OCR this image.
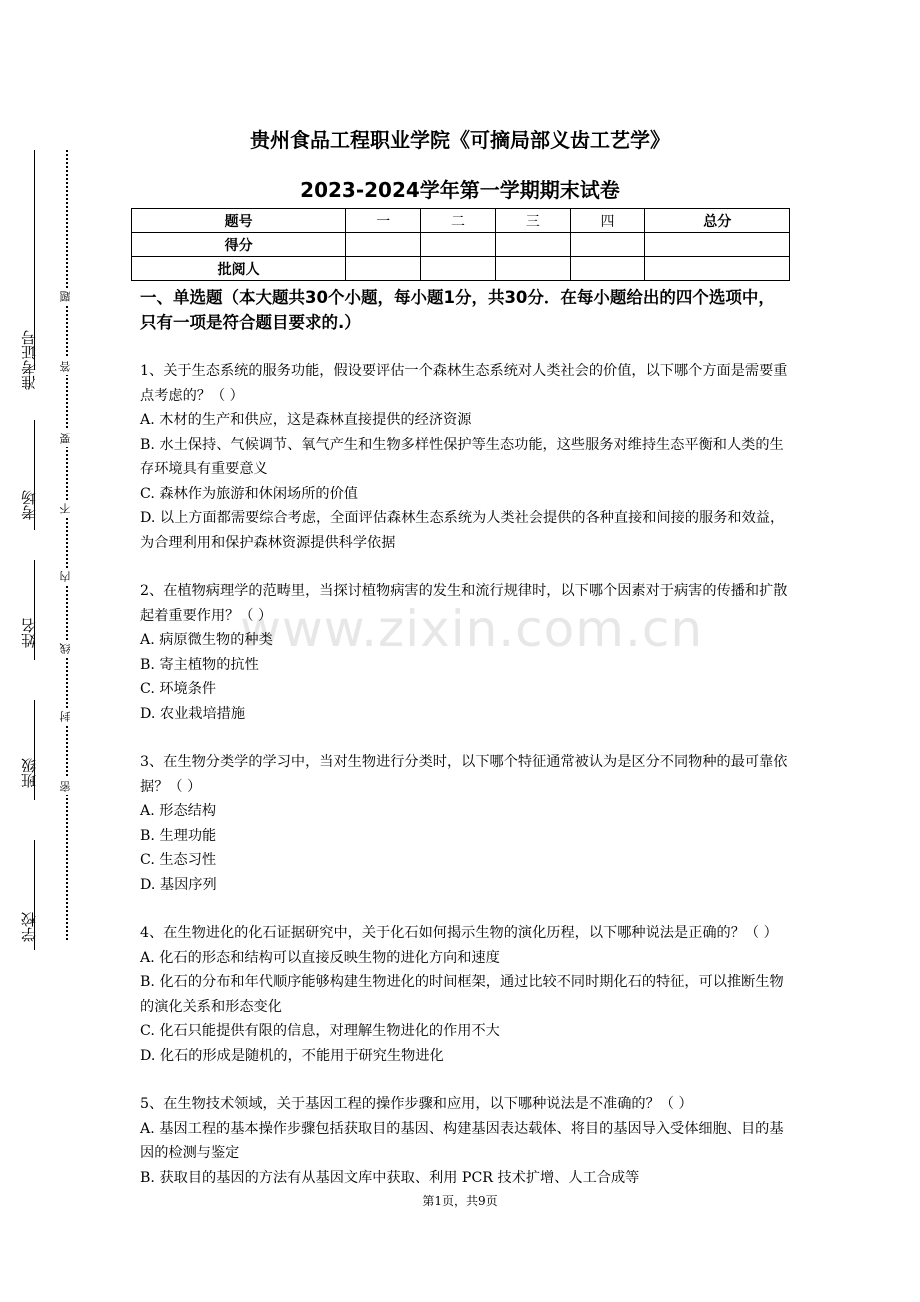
准考证号
考场
姓名
班级
学校
题
答
要
不
内
线
封
密
贵州食品工程职业学院《可摘局部义齿工艺学》
2023-2024学年第一学期期末试卷
题号	一	二	三	四	总分
得分					
批阅人					
www.zixin.com.cn
一、单选题（本大题共30个小题，每小题1分，共30分．在每小题给出的四个选项中，只有一项是符合题目要求的.）

1、关于生态系统的服务功能，假设要评估一个森林生态系统对人类社会的价值，以下哪个方面是需要重点考虑的？（ ）

A. 木材的生产和供应，这是森林直接提供的经济资源

B. 水土保持、气候调节、氧气产生和生物多样性保护等生态功能，这些服务对维持生态平衡和人类的生存环境具有重要意义

C. 森林作为旅游和休闲场所的价值

D. 以上方面都需要综合考虑，全面评估森林生态系统为人类社会提供的各种直接和间接的服务和效益，为合理利用和保护森林资源提供科学依据

2、在植物病理学的范畴里，当探讨植物病害的发生和流行规律时，以下哪个因素对于病害的传播和扩散起着重要作用？（ ）

A. 病原微生物的种类

B. 寄主植物的抗性

C. 环境条件

D. 农业栽培措施

3、在生物分类学的学习中，当对生物进行分类时，以下哪个特征通常被认为是区分不同物种的最可靠依据？（ ）

A. 形态结构

B. 生理功能

C. 生态习性

D. 基因序列

4、在生物进化的化石证据研究中，关于化石如何揭示生物的演化历程，以下哪种说法是正确的？（ ）

A. 化石的形态和结构可以直接反映生物的进化方向和速度

B. 化石的分布和年代顺序能够构建生物进化的时间框架，通过比较不同时期化石的特征，可以推断生物的演化关系和形态变化

C. 化石只能提供有限的信息，对理解生物进化的作用不大

D. 化石的形成是随机的，不能用于研究生物进化

5、在生物技术领域，关于基因工程的操作步骤和应用，以下哪种说法是不准确的？（ ）

A. 基因工程的基本操作步骤包括获取目的基因、构建基因表达载体、将目的基因导入受体细胞、目的基因的检测与鉴定

B. 获取目的基因的方法有从基因文库中获取、利用 PCR 技术扩增、人工合成等

第1页，共9页
